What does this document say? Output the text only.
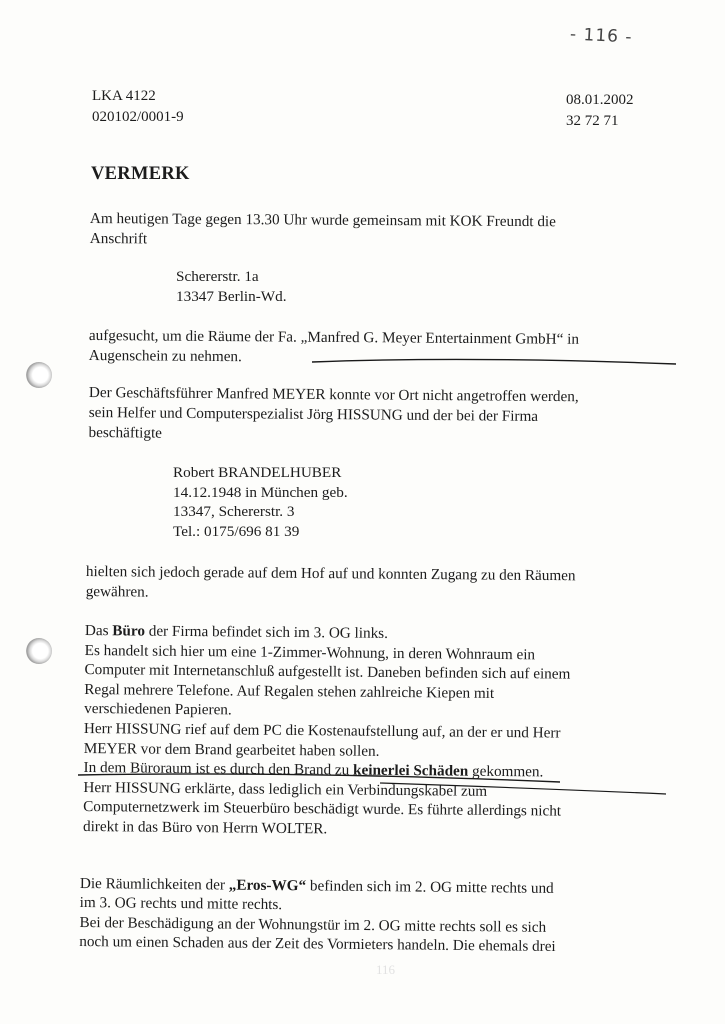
- 116 -
LKA 4122
020102/0001-9
08.01.2002
32 72 71
VERMERK
Am heutigen Tage gegen 13.30 Uhr wurde gemeinsam mit KOK Freundt die
Anschrift
Schererstr. 1a
13347 Berlin-Wd.
aufgesucht, um die Räume der Fa. „Manfred G. Meyer Entertainment GmbH“ in
Augenschein zu nehmen.
Der Geschäftsführer Manfred MEYER konnte vor Ort nicht angetroffen werden,
sein Helfer und Computerspezialist Jörg HISSUNG und der bei der Firma
beschäftigte
Robert BRANDELHUBER
14.12.1948 in München geb.
13347, Schererstr. 3
Tel.: 0175/696 81 39
hielten sich jedoch gerade auf dem Hof auf und konnten Zugang zu den Räumen
gewähren.
Das Büro der Firma befindet sich im 3. OG links.
Es handelt sich hier um eine 1-Zimmer-Wohnung, in deren Wohnraum ein
Computer mit Internetanschluß aufgestellt ist. Daneben befinden sich auf einem
Regal mehrere Telefone. Auf Regalen stehen zahlreiche Kiepen mit
verschiedenen Papieren.
Herr HISSUNG rief auf dem PC die Kostenaufstellung auf, an der er und Herr
MEYER vor dem Brand gearbeitet haben sollen.
In dem Büroraum ist es durch den Brand zu keinerlei Schäden gekommen.
Herr HISSUNG erklärte, dass lediglich ein Verbindungskabel zum
Computernetzwerk im Steuerbüro beschädigt wurde. Es führte allerdings nicht
direkt in das Büro von Herrn WOLTER.
Die Räumlichkeiten der „Eros-WG“ befinden sich im 2. OG mitte rechts und
im 3. OG rechts und mitte rechts.
Bei der Beschädigung an der Wohnungstür im 2. OG mitte rechts soll es sich
noch um einen Schaden aus der Zeit des Vormieters handeln. Die ehemals drei
116
